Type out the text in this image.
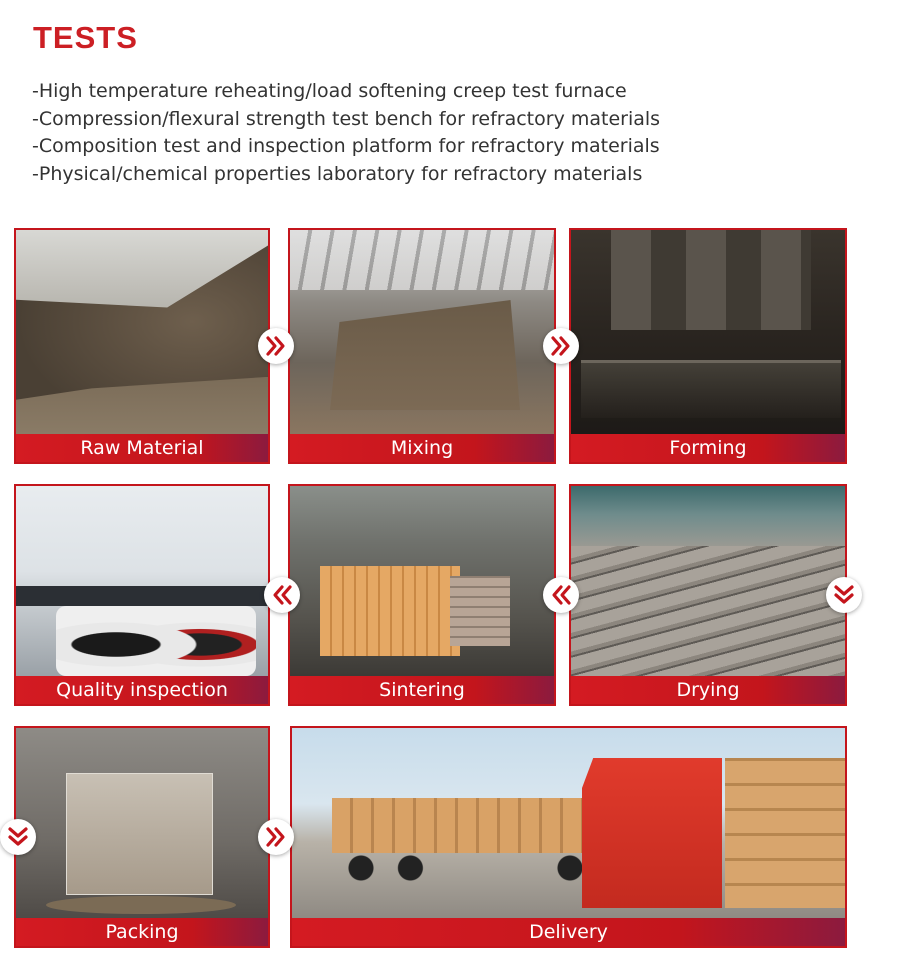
TESTS
-High temperature reheating/load softening creep test furnace
-Compression/flexural strength test bench for refractory materials
-Composition test and inspection platform for refractory materials
-Physical/chemical properties laboratory for refractory materials
Raw Material	Mixing	Forming
Quality inspection	Sintering	Drying
Packing	Delivery
